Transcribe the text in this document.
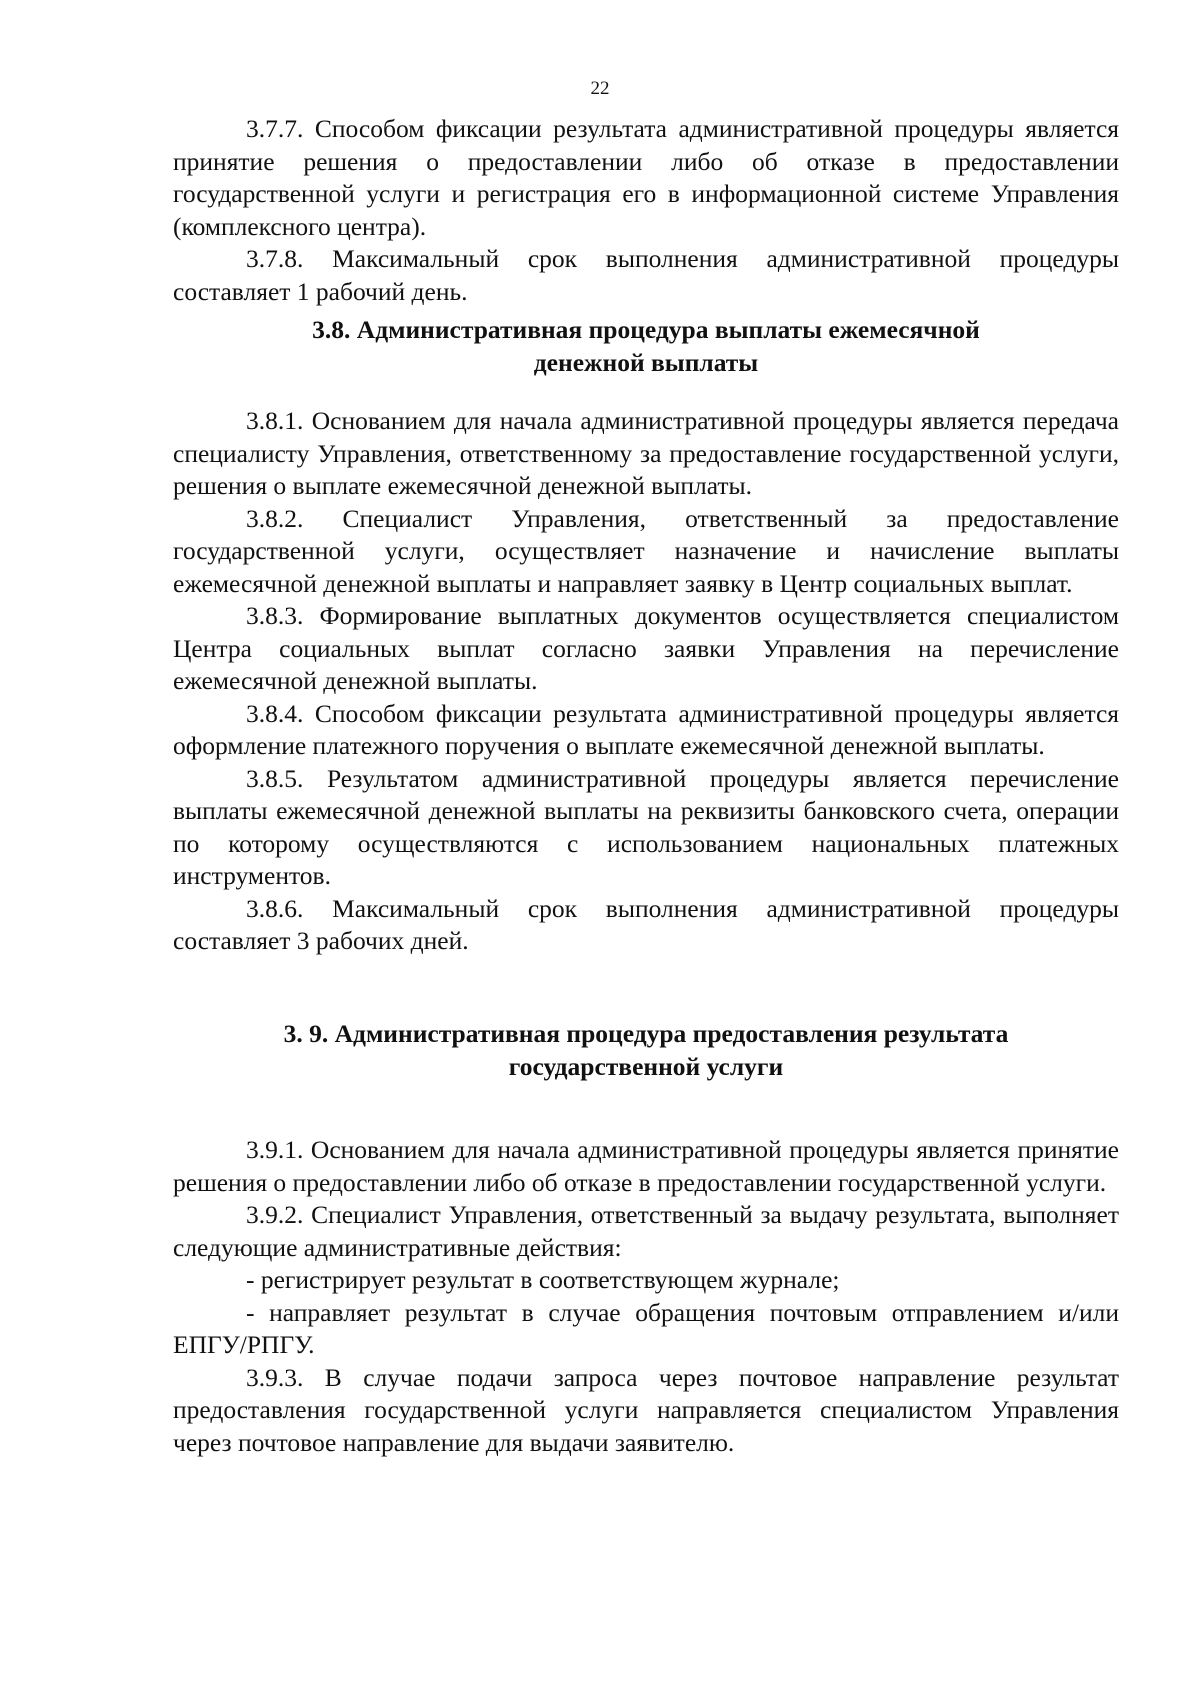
22

3.7.7. Способом фиксации результата административной процедуры является принятие решения о предоставлении либо об отказе в предоставлении государственной услуги и регистрация его в информационной системе Управления (комплексного центра).

3.7.8. Максимальный срок выполнения административной процедуры составляет 1 рабочий день.

3.8. Административная процедура выплаты ежемесячной
денежной выплаты

3.8.1. Основанием для начала административной процедуры является передача специалисту Управления, ответственному за предоставление государственной услуги, решения о выплате ежемесячной денежной выплаты.

3.8.2. Специалист Управления, ответственный за предоставление государственной услуги, осуществляет назначение и начисление выплаты ежемесячной денежной выплаты и направляет заявку в Центр социальных выплат.

3.8.3. Формирование выплатных документов осуществляется специалистом Центра социальных выплат согласно заявки Управления на перечисление ежемесячной денежной выплаты.

3.8.4. Способом фиксации результата административной процедуры является оформление платежного поручения о выплате ежемесячной денежной выплаты.

3.8.5. Результатом административной процедуры является перечисление выплаты ежемесячной денежной выплаты на реквизиты банковского счета, операции по которому осуществляются с использованием национальных платежных инструментов.

3.8.6. Максимальный срок выполнения административной процедуры составляет 3 рабочих дней.

3. 9. Административная процедура предоставления результата
государственной услуги

3.9.1. Основанием для начала административной процедуры является принятие решения о предоставлении либо об отказе в предоставлении государственной услуги.

3.9.2. Специалист Управления, ответственный за выдачу результата, выполняет следующие административные действия:

- регистрирует результат в соответствующем журнале;

- направляет результат в случае обращения почтовым отправлением и/или ЕПГУ/РПГУ.

3.9.3. В случае подачи запроса через почтовое направление результат предоставления государственной услуги направляется специалистом Управления через почтовое направление для выдачи заявителю.
